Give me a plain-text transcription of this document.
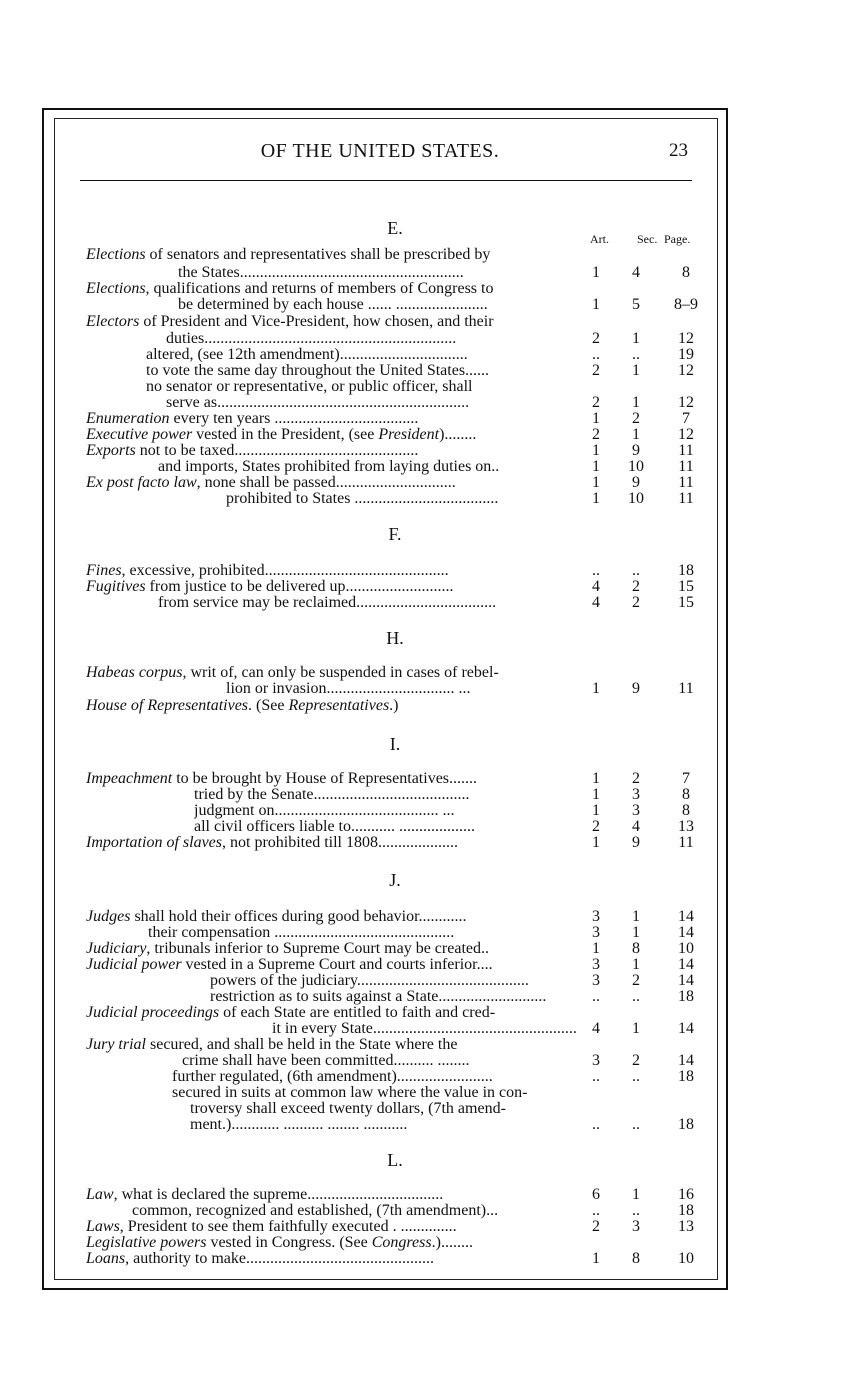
OF THE UNITED STATES.	23
Art. Sec. Page.
E.
Elections of senators and representatives shall be prescribed by
the States........................................................	1	4	8
Elections, qualifications and returns of members of Congress to
be determined by each house ...... .......................	1	5	8–9
Electors of President and Vice-President, how chosen, and their
duties...............................................................	2	1	12
altered, (see 12th amendment)................................	..	..	19
to vote the same day throughout the United States......	2	1	12
no senator or representative, or public officer, shall
serve as...............................................................	2	1	12
Enumeration every ten years ....................................	1	2	7
Executive power vested in the President, (see President)........	2	1	12
Exports not to be taxed..............................................	1	9	11
and imports, States prohibited from laying duties on..	1	10	11
Ex post facto law, none shall be passed..............................	1	9	11
prohibited to States ....................................	1	10	11
F.
Fines, excessive, prohibited..............................................	..	..	18
Fugitives from justice to be delivered up...........................	4	2	15
from service may be reclaimed...................................	4	2	15
H.
Habeas corpus, writ of, can only be suspended in cases of rebel-
lion or invasion................................ ...	1	9	11
House of Representatives. (See Representatives.)
I.
Impeachment to be brought by House of Representatives.......	1	2	7
tried by the Senate.......................................	1	3	8
judgment on......................................... ...	1	3	8
all civil officers liable to........... ...................	2	4	13
Importation of slaves, not prohibited till 1808....................	1	9	11
J.
Judges shall hold their offices during good behavior............	3	1	14
their compensation .............................................	3	1	14
Judiciary, tribunals inferior to Supreme Court may be created..	1	8	10
Judicial power vested in a Supreme Court and courts inferior....	3	1	14
powers of the judiciary...........................................	3	2	14
restriction as to suits against a State...........................	..	..	18
Judicial proceedings of each State are entitled to faith and cred-
it in every State................................................... 4	1	14
Jury trial secured, and shall be held in the State where the
crime shall have been committed.......... ........	3	2	14
further regulated, (6th amendment)........................	..	..	18
secured in suits at common law where the value in con-
troversy shall exceed twenty dollars, (7th amend-
ment.)............ .......... ........ ...........	..	..	18
L.
Law, what is declared the supreme..................................	6	1	16
common, recognized and established, (7th amendment)...	..	..	18
Laws, President to see them faithfully executed . ..............	2	3	13
Legislative powers vested in Congress. (See Congress.)........
Loans, authority to make...............................................	1	8	10
